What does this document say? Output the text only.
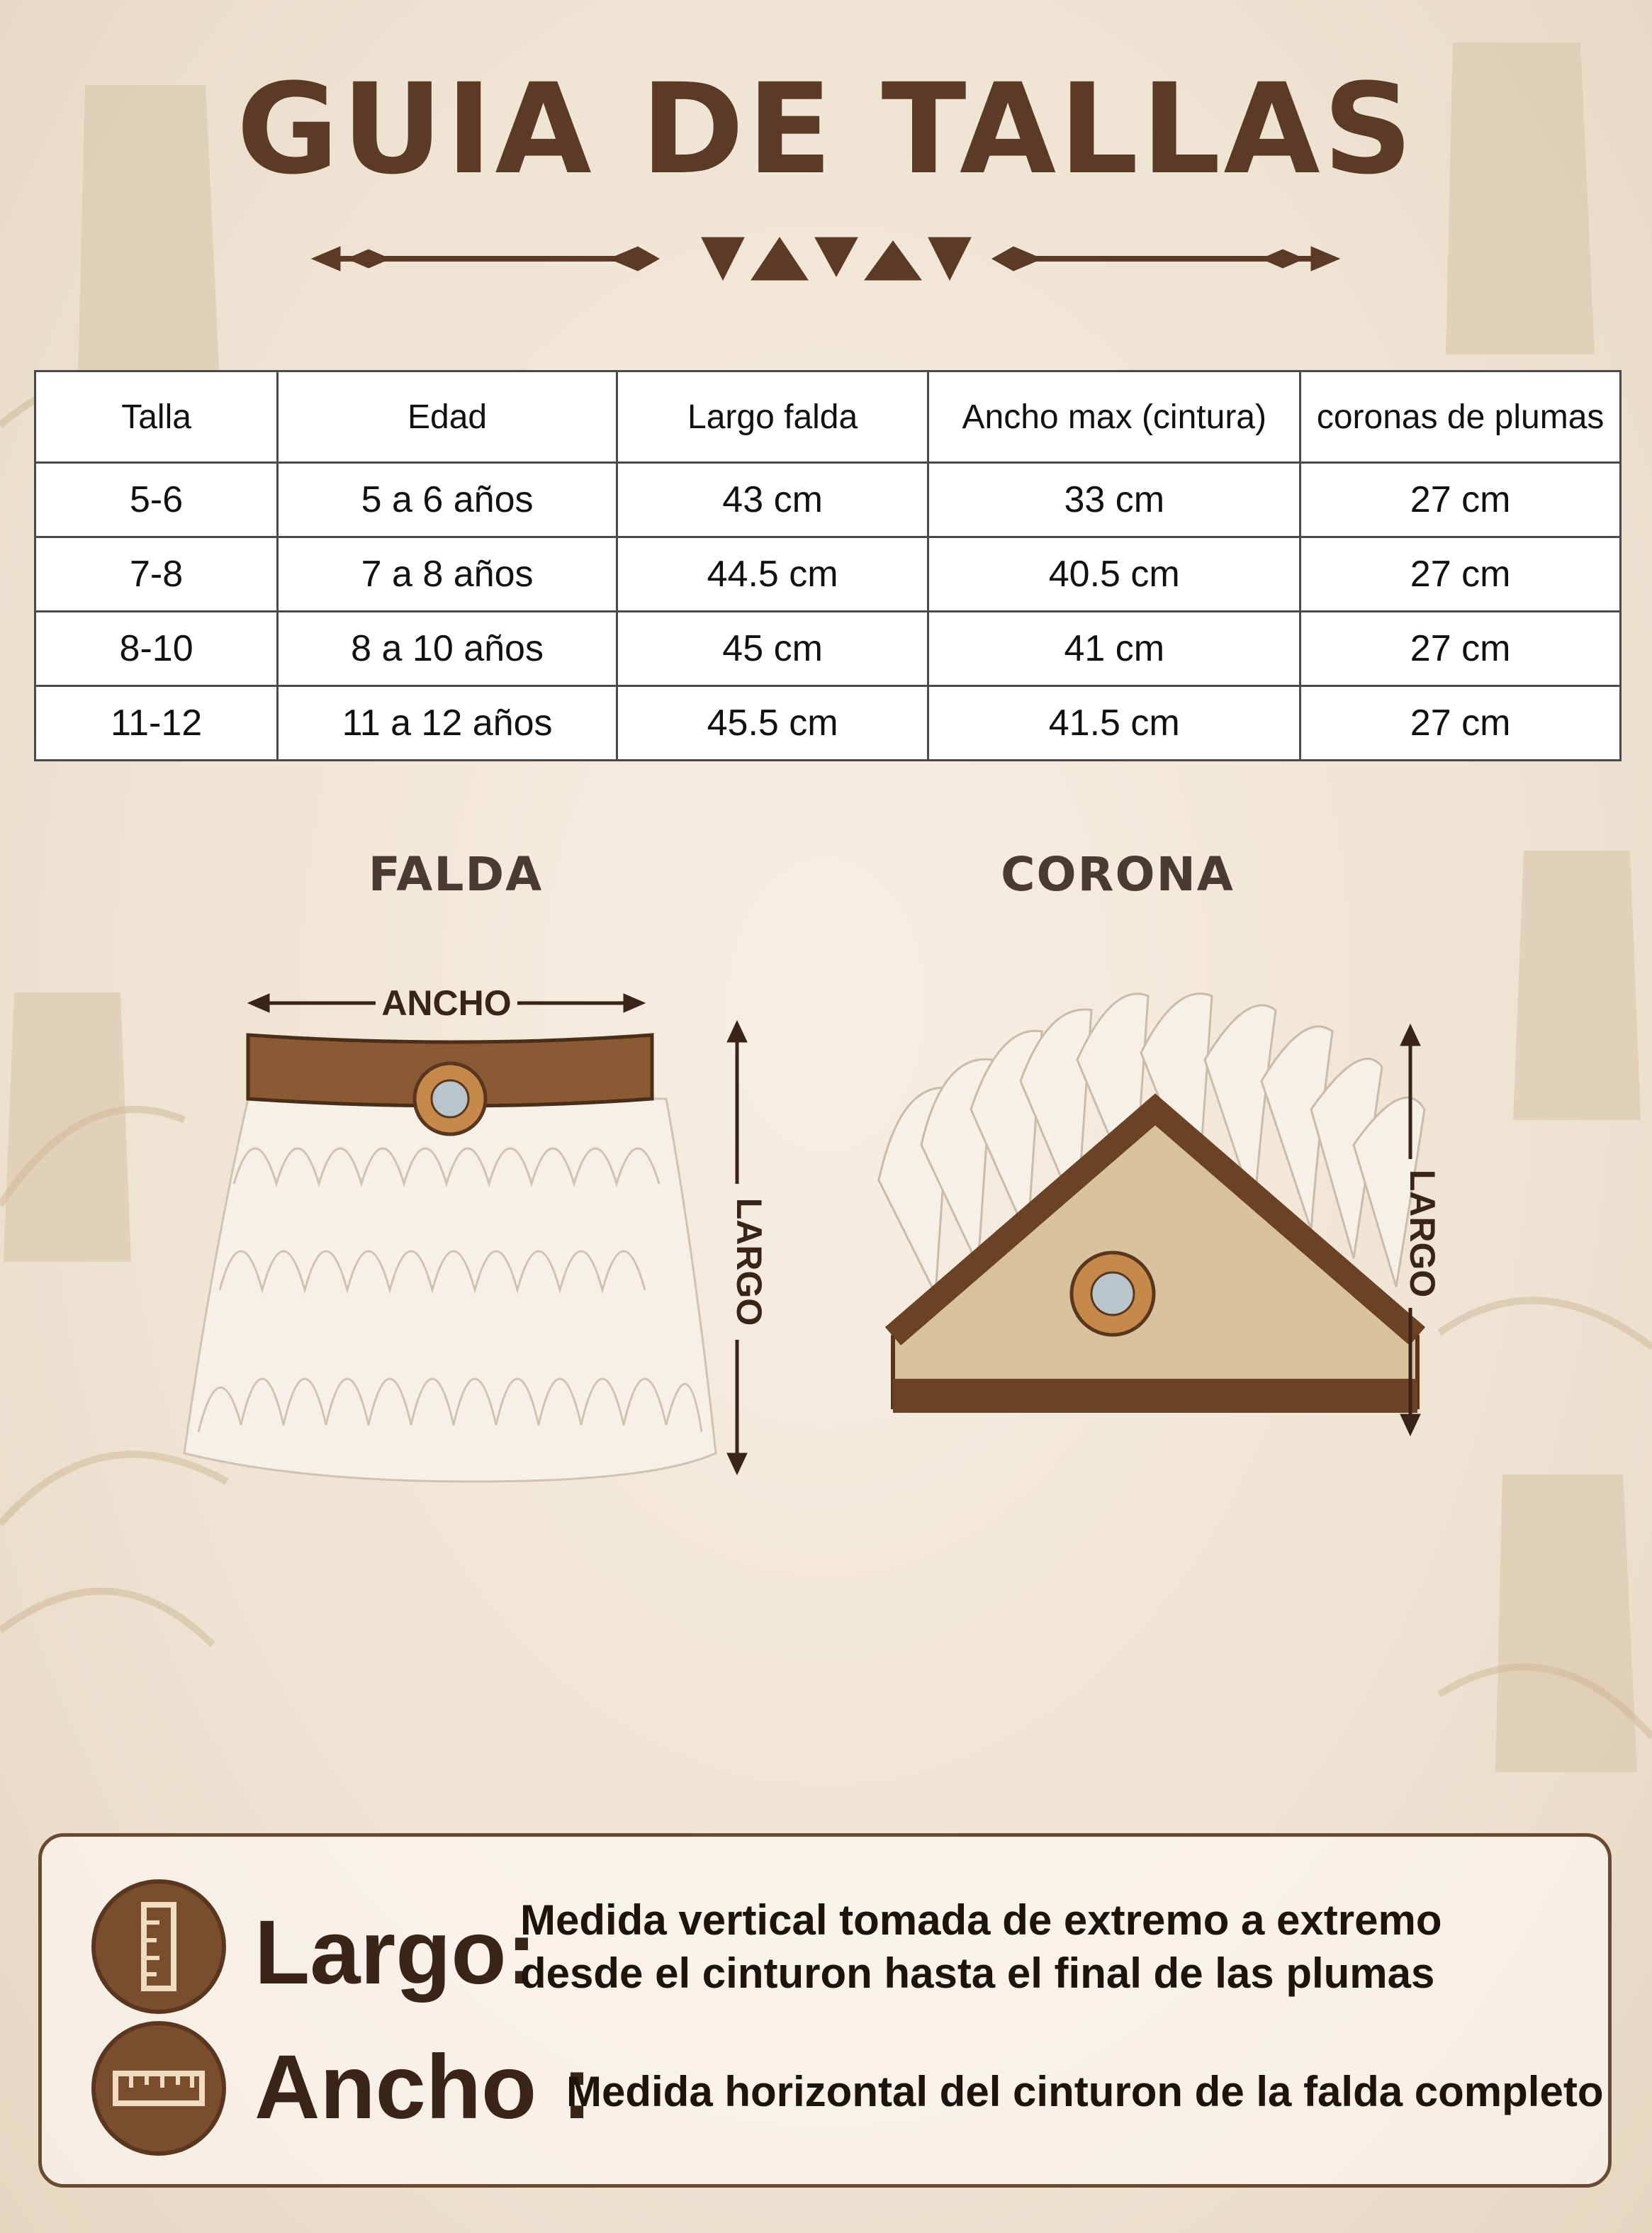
GUIA DE TALLAS
Talla	Edad	Largo falda	Ancho max (cintura)	coronas de plumas
5-6	5 a 6 años	43 cm	33 cm	27 cm
7-8	7 a 8 años	44.5 cm	40.5 cm	27 cm
8-10	8 a 10 años	45 cm	41 cm	27 cm
11-12	11 a 12 años	45.5 cm	41.5 cm	27 cm
FALDA	CORONA
ANCHO
LARGO	LARGO
Largo:
Medida vertical tomada de extremo a extremo
desde el cinturon hasta el final de las plumas
Ancho :
Medida horizontal del cinturon de la falda completo
